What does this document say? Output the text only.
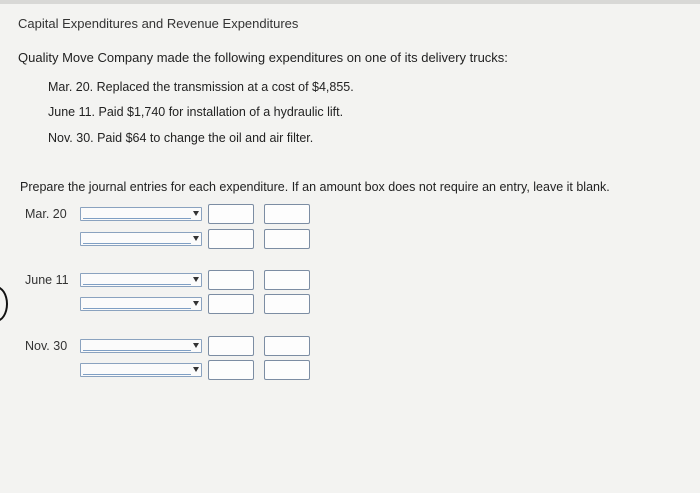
Capital Expenditures and Revenue Expenditures
Quality Move Company made the following expenditures on one of its delivery trucks:
Mar. 20. Replaced the transmission at a cost of $4,855.
June 11. Paid $1,740 for installation of a hydraulic lift.
Nov. 30. Paid $64 to change the oil and air filter.
Prepare the journal entries for each expenditure. If an amount box does not require an entry, leave it blank.
Mar. 20
June 11
Nov. 30
